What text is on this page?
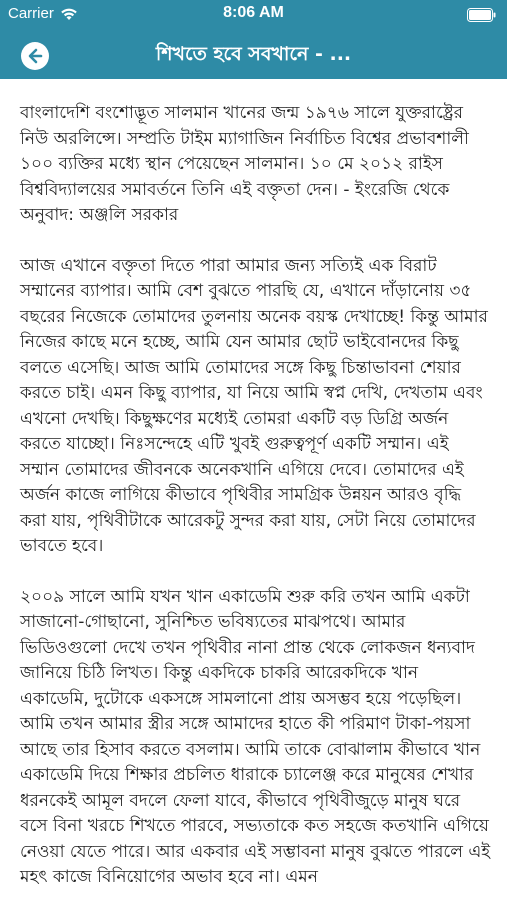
Carrier	8:06 AM
শিখতে হবে সবখানে - ...

বাংলাদেশি বংশোদ্ভূত সালমান খানের জন্ম ১৯৭৬ সালে যুক্তরাষ্ট্রের নিউ অরলিন্সে। সম্প্রতি টাইম ম্যাগাজিন নির্বাচিত বিশ্বের প্রভাবশালী ১০০ ব্যক্তির মধ্যে স্থান পেয়েছেন সালমান। ১০ মে ২০১২ রাইস বিশ্ববিদ্যালয়ের সমাবর্তনে তিনি এই বক্তৃতা দেন। - ইংরেজি থেকে অনুবাদ: অঞ্জলি সরকার

আজ এখানে বক্তৃতা দিতে পারা আমার জন্য সত্যিই এক বিরাট সম্মানের ব্যাপার। আমি বেশ বুঝতে পারছি যে, এখানে দাঁড়ানোয় ৩৫ বছরের নিজেকে তোমাদের তুলনায় অনেক বয়স্ক দেখাচ্ছে! কিন্তু আমার নিজের কাছে মনে হচ্ছে, আমি যেন আমার ছোট ভাইবোনদের কিছু বলতে এসেছি। আজ আমি তোমাদের সঙ্গে কিছু চিন্তাভাবনা শেয়ার করতে চাই। এমন কিছু ব্যাপার, যা নিয়ে আমি স্বপ্ন দেখি, দেখতাম এবং এখনো দেখছি। কিছুক্ষণের মধ্যেই তোমরা একটি বড় ডিগ্রি অর্জন করতে যাচ্ছো। নিঃসন্দেহে এটি খুবই গুরুত্বপূর্ণ একটি সম্মান। এই সম্মান তোমাদের জীবনকে অনেকখানি এগিয়ে দেবে। তোমাদের এই অর্জন কাজে লাগিয়ে কীভাবে পৃথিবীর সামগ্রিক উন্নয়ন আরও বৃদ্ধি করা যায়, পৃথিবীটাকে আরেকটু সুন্দর করা যায়, সেটা নিয়ে তোমাদের ভাবতে হবে।

২০০৯ সালে আমি যখন খান একাডেমি শুরু করি তখন আমি একটা সাজানো-গোছানো, সুনিশ্চিত ভবিষ্যতের মাঝপথে। আমার ভিডিওগুলো দেখে তখন পৃথিবীর নানা প্রান্ত থেকে লোকজন ধন্যবাদ জানিয়ে চিঠি লিখত। কিন্তু একদিকে চাকরি আরেকদিকে খান একাডেমি, দুটোকে একসঙ্গে সামলানো প্রায় অসম্ভব হয়ে পড়েছিল। আমি তখন আমার স্ত্রীর সঙ্গে আমাদের হাতে কী পরিমাণ টাকা-পয়সা আছে তার হিসাব করতে বসলাম। আমি তাকে বোঝালাম কীভাবে খান একাডেমি দিয়ে শিক্ষার প্রচলিত ধারাকে চ্যালেঞ্জ করে মানুষের শেখার ধরনকেই আমূল বদলে ফেলা যাবে, কীভাবে পৃথিবীজুড়ে মানুষ ঘরে বসে বিনা খরচে শিখতে পারবে, সভ্যতাকে কত সহজে কতখানি এগিয়ে নেওয়া যেতে পারে। আর একবার এই সম্ভাবনা মানুষ বুঝতে পারলে এই মহৎ কাজে বিনিয়োগের অভাব হবে না। এমন
